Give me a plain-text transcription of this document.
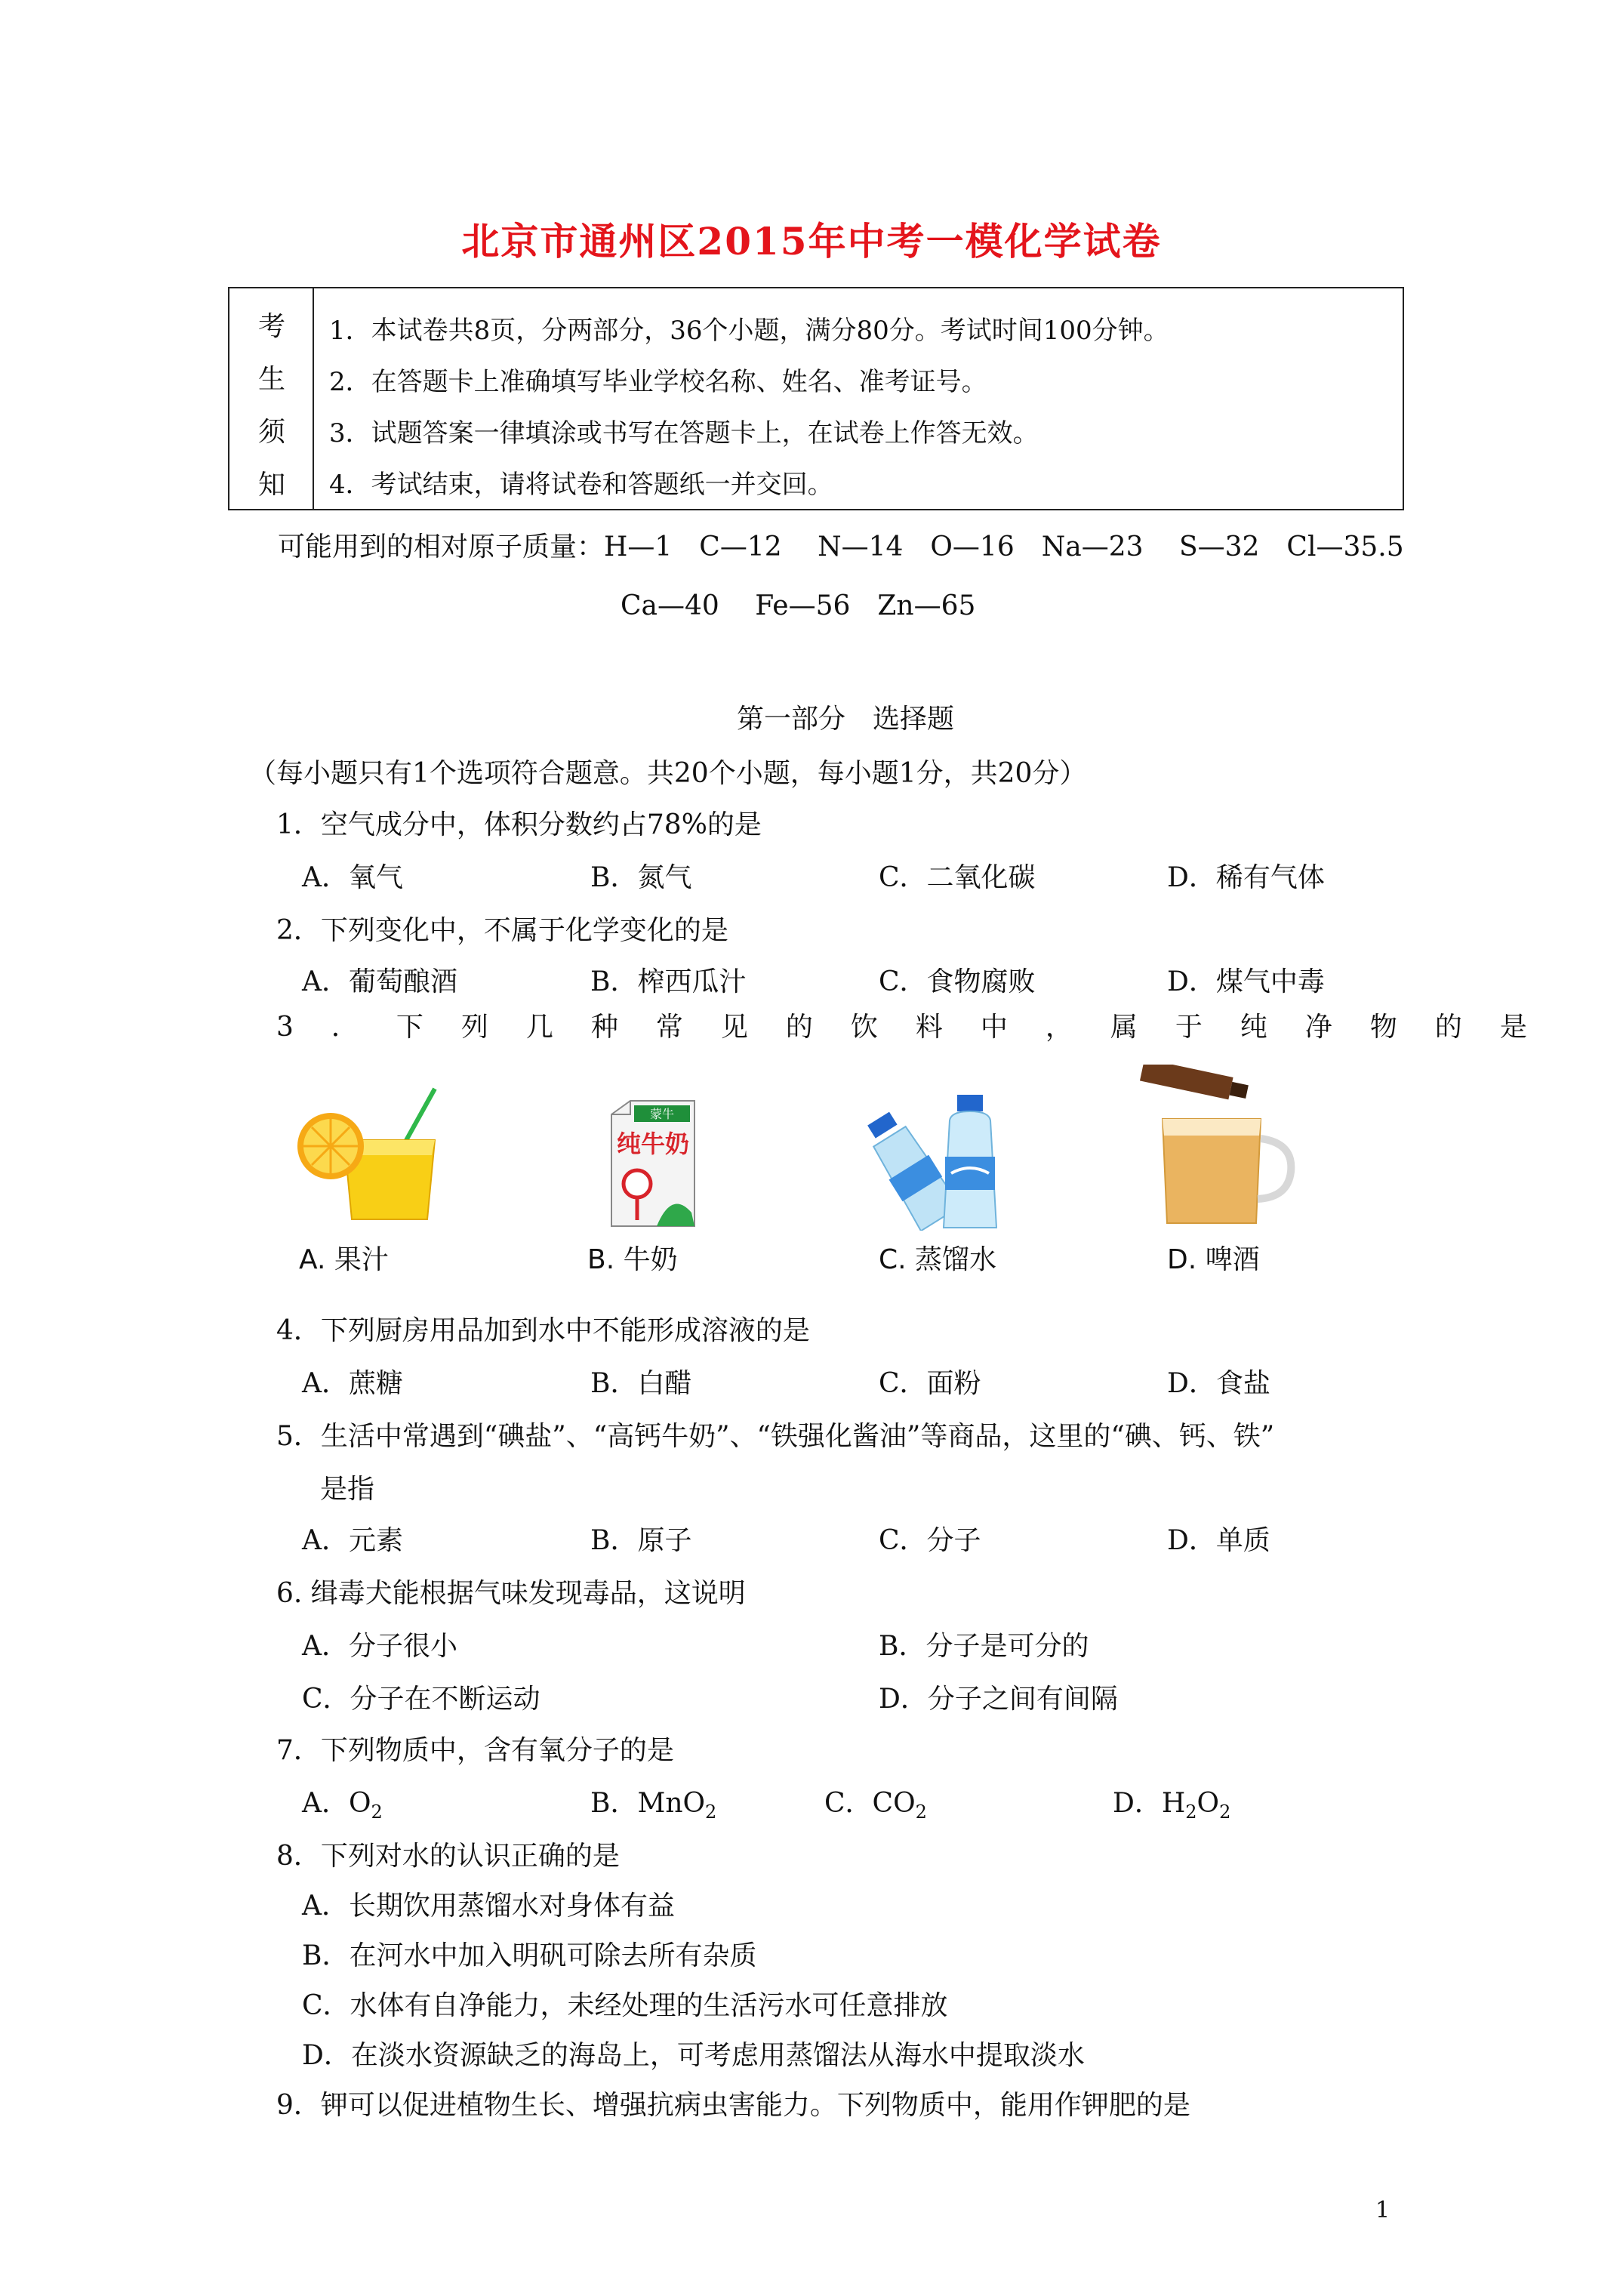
北京市通州区2015年中考一模化学试卷
考
生
须
知
1．本试卷共8页，分两部分，36个小题，满分80分。考试时间100分钟。
2．在答题卡上准确填写毕业学校名称、姓名、准考证号。
3．试题答案一律填涂或书写在答题卡上，在试卷上作答无效。
4．考试结束，请将试卷和答题纸一并交回。
可能用到的相对原子质量：H—1　C—12　 N—14　O—16　Na—23　 S—32　Cl—35.5
Ca—40　 Fe—56　Zn—65
第一部分　选择题
（每小题只有1个选项符合题意。共20个小题，每小题1分，共20分）
1．空气成分中，体积分数约占78%的是
A．氧气	B．氮气	C．二氧化碳	D．稀有气体
2．下列变化中，不属于化学变化的是
A．葡萄酿酒	B．榨西瓜汁	C．食物腐败	D．煤气中毒
3．下列几种常见的饮料中，属于纯净物的是
蒙牛
纯牛奶
A. 果汁	B. 牛奶	C. 蒸馏水	D. 啤酒
4．下列厨房用品加到水中不能形成溶液的是
A．蔗糖	B．白醋	C．面粉	D．食盐
5．生活中常遇到“碘盐”、“高钙牛奶”、“铁强化酱油”等商品，这里的“碘、钙、铁”
是指
A．元素	B．原子	C．分子	D．单质
6. 缉毒犬能根据气味发现毒品，这说明
A．分子很小	B．分子是可分的
C．分子在不断运动	D．分子之间有间隔
7．下列物质中，含有氧分子的是
A．$O_2$	B．MnO$_2$	C．$CO_2$	D．$H_2O_2$
8．下列对水的认识正确的是
A．长期饮用蒸馏水对身体有益
B．在河水中加入明矾可除去所有杂质
C．水体有自净能力，未经处理的生活污水可任意排放
D．在淡水资源缺乏的海岛上，可考虑用蒸馏法从海水中提取淡水
9．钾可以促进植物生长、增强抗病虫害能力。下列物质中，能用作钾肥的是
1
